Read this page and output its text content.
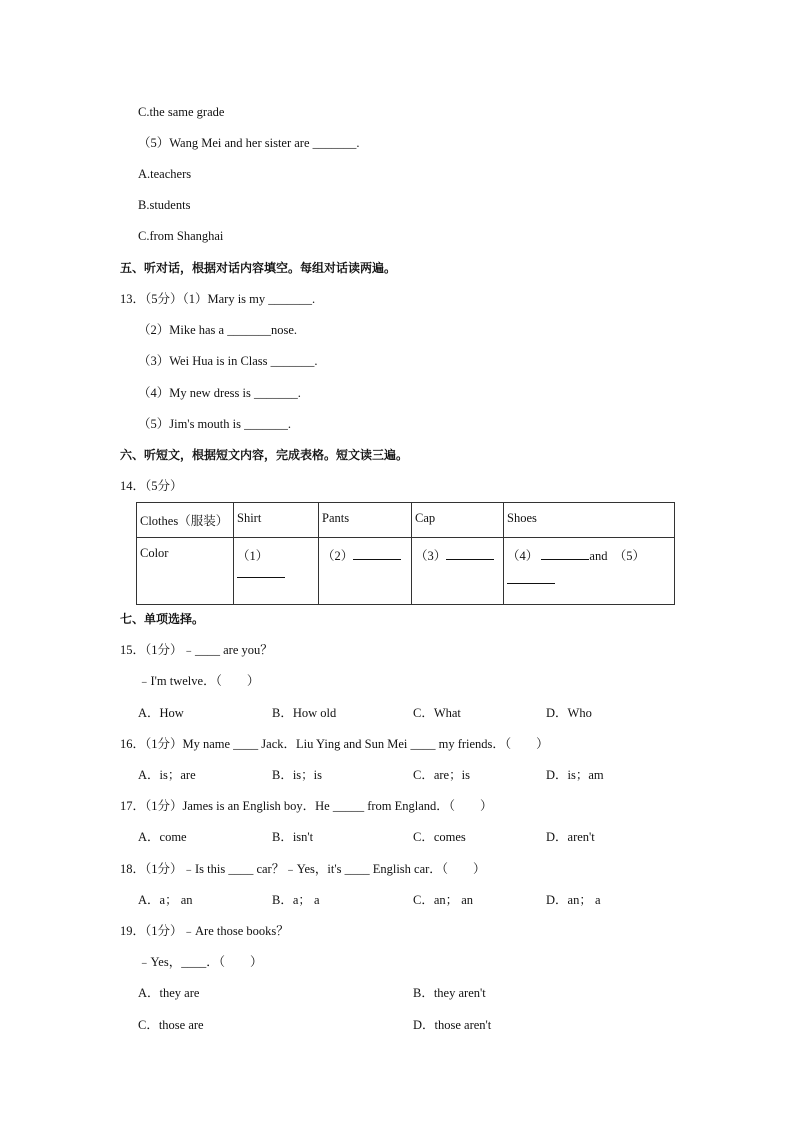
C.the same grade
（5）Wang Mei and her sister are _______.
A.teachers
B.students
C.from Shanghai
五、听对话，根据对话内容填空。每组对话读两遍。
13．（5分）（1）Mary is my _______.
（2）Mike has a _______nose.
（3）Wei Hua is in Class _______.
（4）My new dress is _______.
（5）Jim's mouth is _______.
六、听短文，根据短文内容，完成表格。短文读三遍。
14．（5分）
Clothes（服装）	Shirt	Pants	Cap	Shoes
Color	（1）	（2）	（3）	（4） and （5）

七、单项选择。
15．（1分）﹣____ are you？
﹣I'm twelve．（　　）
A．How	B．How old	C．What	D．Who
16．（1分）My name ____ Jack．Liu Ying and Sun Mei ____ my friends．（　　）
A．is；are	B．is；is	C．are；is	D．is；am
17．（1分）James is an English boy．He _____ from England．（　　）
A．come	B．isn't	C．comes	D．aren't
18．（1分）﹣Is this ____ car？﹣Yes，it's ____ English car．（　　）
A．a； an	B．a； a	C．an； an	D．an； a
19．（1分）﹣Are those books？
﹣Yes，____．（　　）
A．they are	B．they aren't
C．those are	D．those aren't
